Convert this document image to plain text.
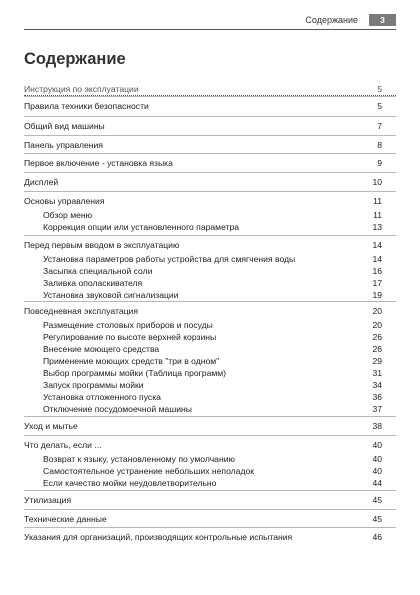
Содержание	3
Содержание
Инструкция по эксплуатации	5
Правила техники безопасности	5
Общий вид машины	7
Панель управления	8
Первое включение - установка языка	9
Дисплей	10
Основы управления	11
Обзор меню	11
Коррекция опции или установленного параметра	13
Перед первым вводом в эксплуатацию	14
Установка параметров работы устройства для смягчения воды	14
Засыпка специальной соли	16
Заливка ополаскивателя	17
Установка звуковой сигнализации	19
Повседневная эксплуатация	20
Размещение столовых приборов и посуды	20
Регулирование по высоте верхней корзины	26
Внесение моющего средства	26
Применение моющих средств "три в одном"	29
Выбор программы мойки (Таблица программ)	31
Запуск программы мойки	34
Установка отложенного пуска	36
Отключение посудомоечной машины	37
Уход и мытье	38
Что делать, если ...	40
Возврат к языку, установленному по умолчанию	40
Самостоятельное устранение небольших неполадок	40
Если качество мойки неудовлетворительно	44
Утилизация	45
Технические данные	45
Указания для организаций, производящих контрольные испытания	46
